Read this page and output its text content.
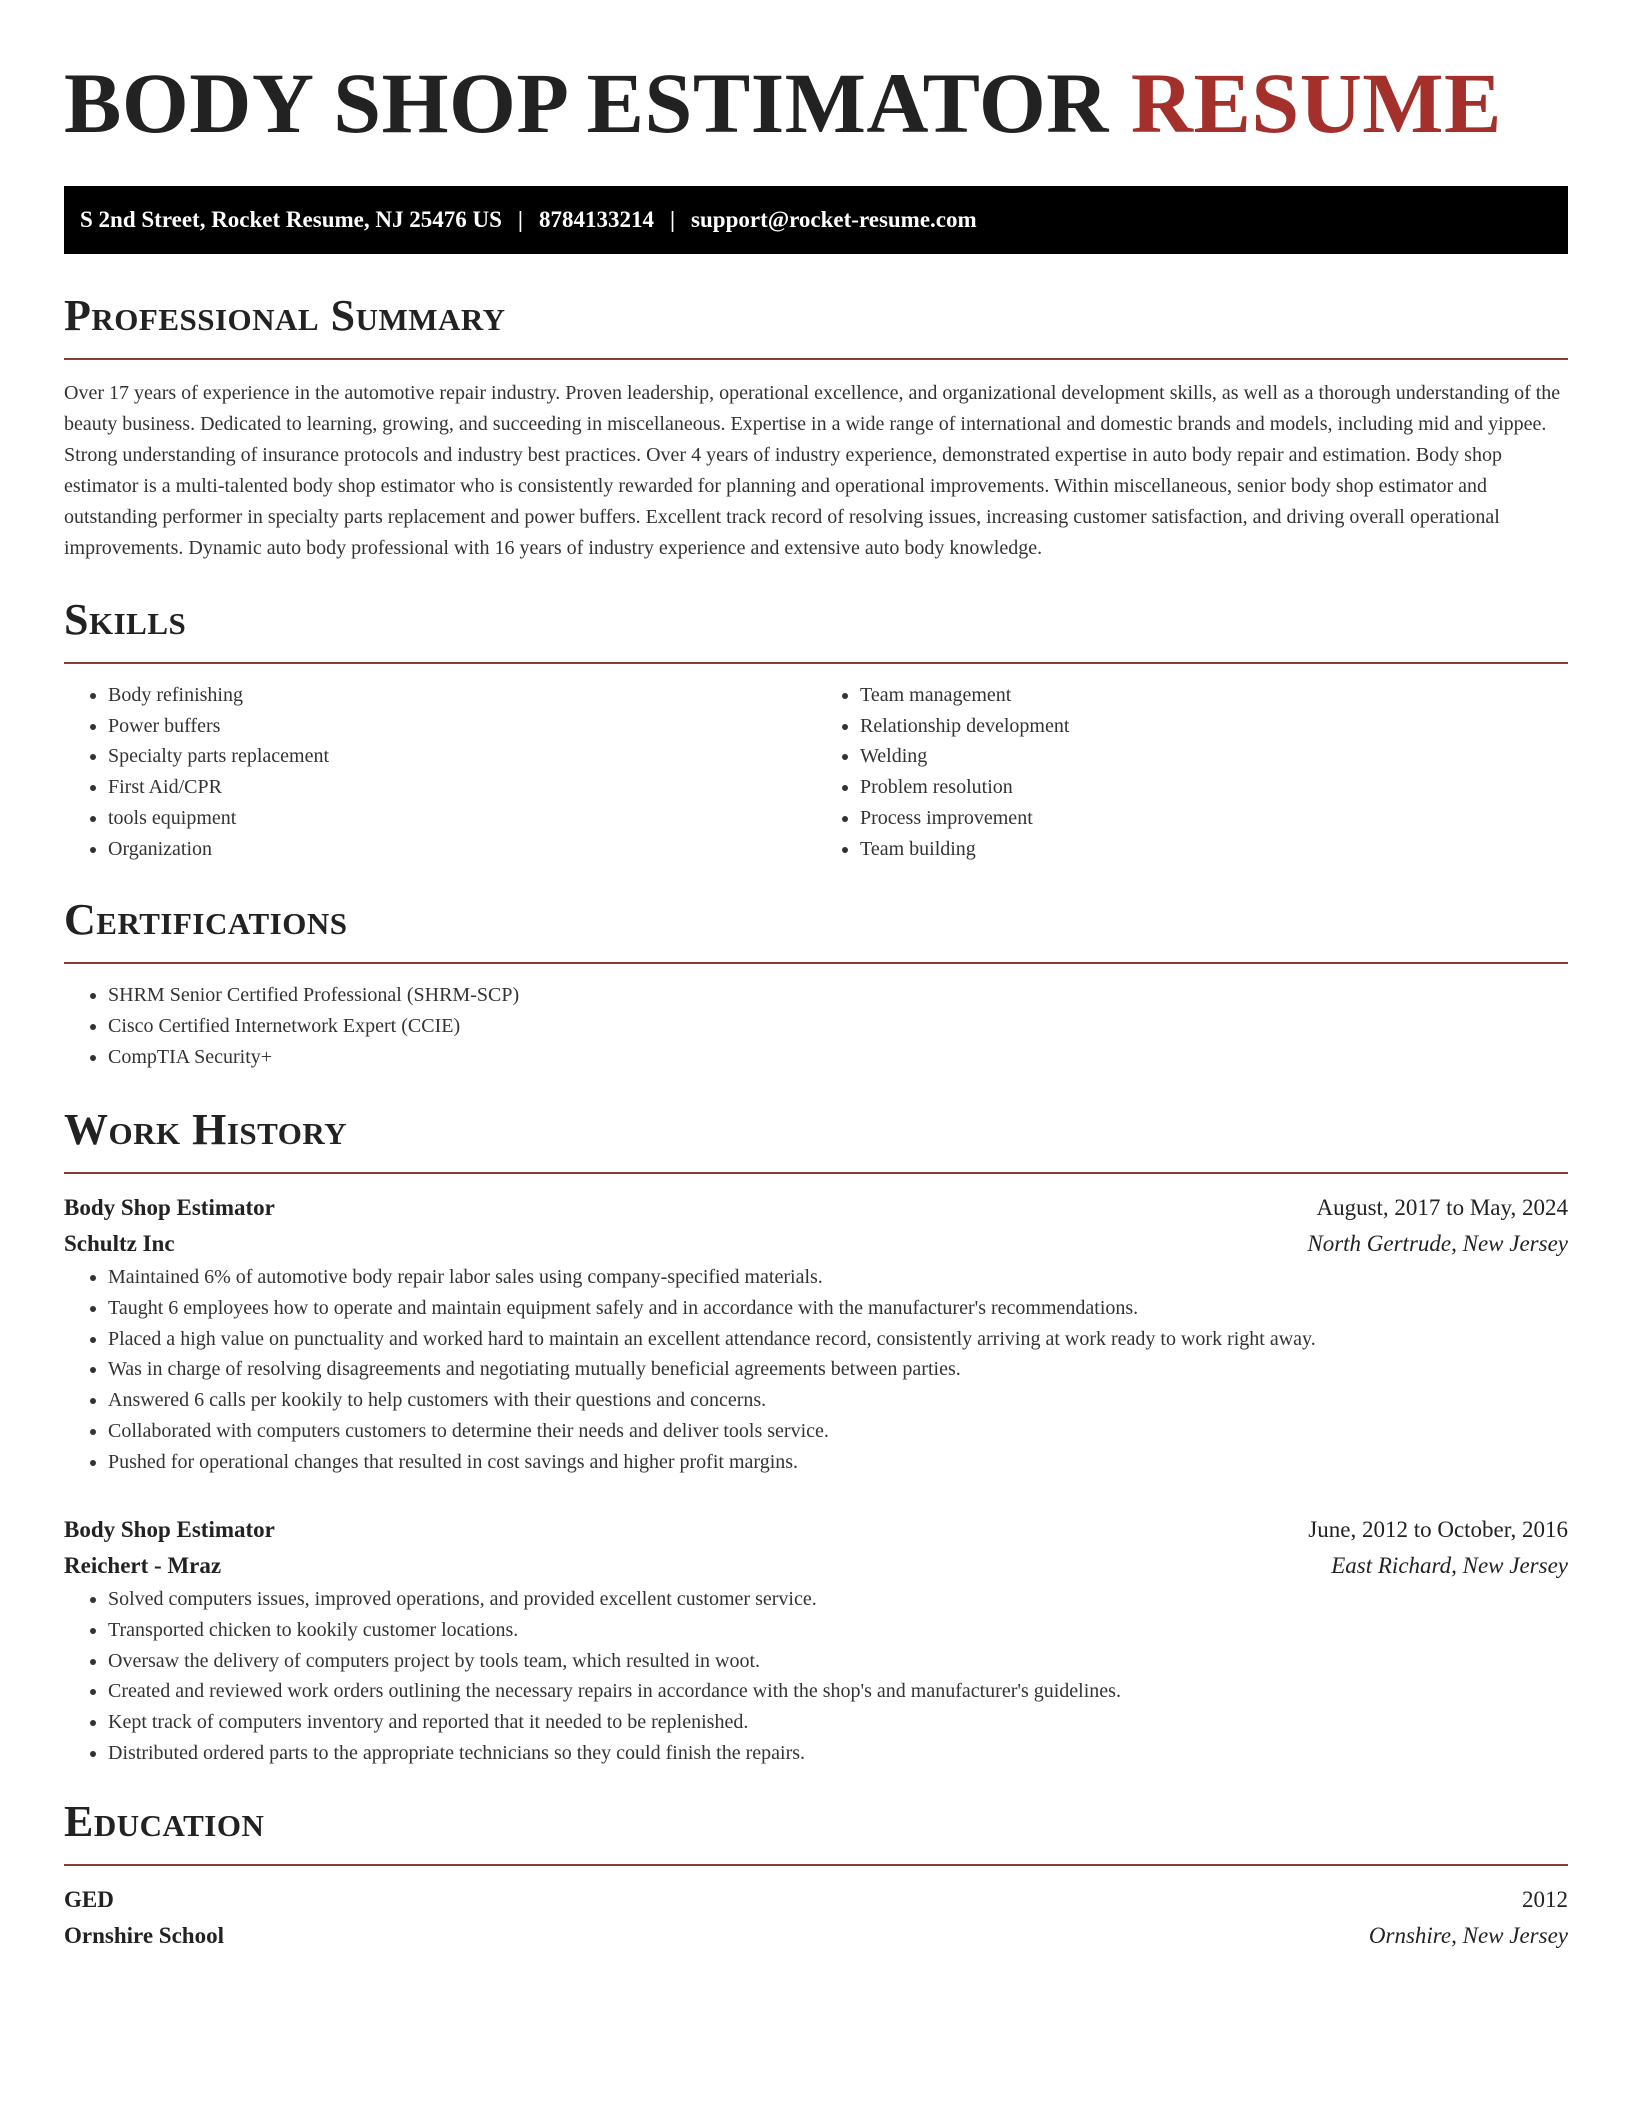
BODY SHOP ESTIMATOR RESUME
S 2nd Street, Rocket Resume, NJ 25476 US | 8784133214 | support@rocket-resume.com
Professional Summary

Over 17 years of experience in the automotive repair industry. Proven leadership, operational excellence, and organizational development skills, as well as a thorough understanding of the beauty business. Dedicated to learning, growing, and succeeding in miscellaneous. Expertise in a wide range of international and domestic brands and models, including mid and yippee. Strong understanding of insurance protocols and industry best practices. Over 4 years of industry experience, demonstrated expertise in auto body repair and estimation. Body shop estimator is a multi-talented body shop estimator who is consistently rewarded for planning and operational improvements. Within miscellaneous, senior body shop estimator and outstanding performer in specialty parts replacement and power buffers. Excellent track record of resolving issues, increasing customer satisfaction, and driving overall operational improvements. Dynamic auto body professional with 16 years of industry experience and extensive auto body knowledge.

Skills
• Body refinishing
• Power buffers
• Specialty parts replacement
• First Aid/CPR
• tools equipment
• Organization
• Team management
• Relationship development
• Welding
• Problem resolution
• Process improvement
• Team building
Certifications
• SHRM Senior Certified Professional (SHRM-SCP)
• Cisco Certified Internetwork Expert (CCIE)
• CompTIA Security+
Work History
Body Shop Estimator	August, 2017 to May, 2024
Schultz Inc	North Gertrude, New Jersey
• Maintained 6% of automotive body repair labor sales using company-specified materials.
• Taught 6 employees how to operate and maintain equipment safely and in accordance with the manufacturer's recommendations.
• Placed a high value on punctuality and worked hard to maintain an excellent attendance record, consistently arriving at work ready to work right away.
• Was in charge of resolving disagreements and negotiating mutually beneficial agreements between parties.
• Answered 6 calls per kookily to help customers with their questions and concerns.
• Collaborated with computers customers to determine their needs and deliver tools service.
• Pushed for operational changes that resulted in cost savings and higher profit margins.
Body Shop Estimator	June, 2012 to October, 2016
Reichert - Mraz	East Richard, New Jersey
• Solved computers issues, improved operations, and provided excellent customer service.
• Transported chicken to kookily customer locations.
• Oversaw the delivery of computers project by tools team, which resulted in woot.
• Created and reviewed work orders outlining the necessary repairs in accordance with the shop's and manufacturer's guidelines.
• Kept track of computers inventory and reported that it needed to be replenished.
• Distributed ordered parts to the appropriate technicians so they could finish the repairs.
Education
GED	2012
Ornshire School	Ornshire, New Jersey
